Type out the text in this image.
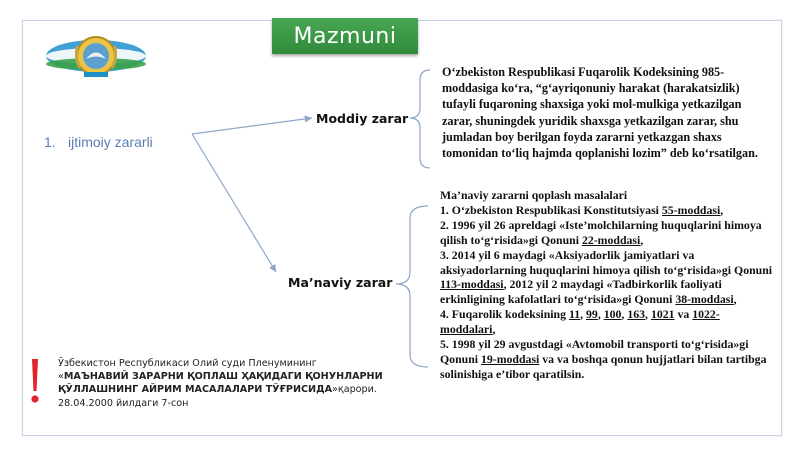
Mazmuni
1. ijtimoiy zararli
Moddiy zarar
Ma’naviy zarar
O‘zbekiston Respublikasi Fuqarolik Kodeksining 985-moddasiga ko‘ra, “g‘ayriqonuniy harakat (harakatsizlik) tufayli fuqaroning shaxsiga yoki mol-mulkiga yetkazilgan zarar, shuningdek yuridik shaxsga yetkazilgan zarar, shu jumladan boy berilgan foyda zararni yetkazgan shaxs tomonidan to‘liq hajmda qoplanishi lozim” deb ko‘rsatilgan.
Ma’naviy zararni qoplash masalalari
1. O‘zbekiston Respublikasi Konstitutsiyasi 55-moddasi,
2. 1996 yil 26 apreldagi «Iste’molchilarning huquqlarini himoya qilish to‘g‘risida»gi Qonuni 22-moddasi,
3. 2014 yil 6 maydagi «Aksiyadorlik jamiyatlari va aksiyadorlarning huquqlarini himoya qilish to‘g‘risida»gi Qonuni 113-moddasi, 2012 yil 2 maydagi «Tadbirkorlik faoliyati erkinligining kafolatlari to‘g‘risida»gi Qonuni 38-moddasi,
4. Fuqarolik kodeksining 11, 99, 100, 163, 1021 va 1022-moddalari,
5. 1998 yil 29 avgustdagi «Avtomobil transporti to‘g‘risida»gi Qonuni 19-moddasi va va boshqa qonun hujjatlari bilan tartibga solinishiga e’tibor qaratilsin.
Ўзбекистон Республикаси Олий суди Пленумининг «МАЪНАВИЙ ЗАРАРНИ ҚОПЛАШ ҲАҚИДАГИ ҚОНУНЛАРНИ ҚЎЛЛАШНИНГ АЙРИМ МАСАЛАЛАРИ ТЎҒРИСИДА»қарори. 28.04.2000 йилдаги 7-сон
